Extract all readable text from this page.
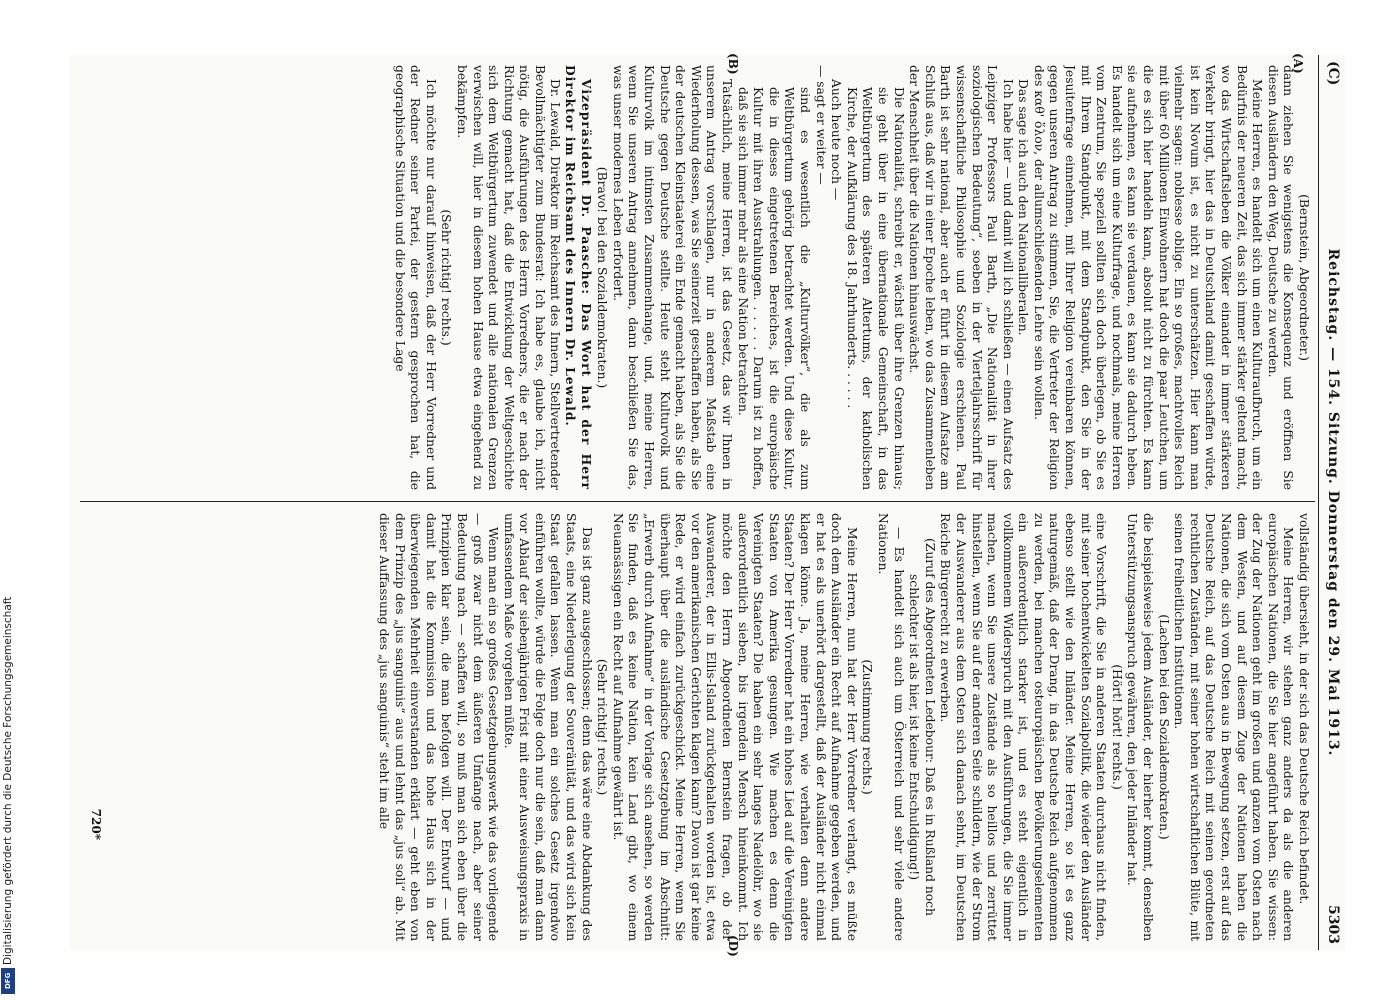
(C)
Reichstag. — 154. Sitzung. Donnerstag den 29. Mai 1913.
5303
(A)
(B)
(D)

(Bernstein, Abgeordneter.)

dann ziehen Sie wenigstens die Konsequenz und eröffnen Sie diesen Ausländern den Weg, Deutsche zu werden.

Meine Herren, es handelt sich um einen Kulturaufbruch, um ein Bedürfnis der neueren Zeit, das sich immer stärker geltend macht, wo das Wirtschaftsleben die Völker einander in immer stärkeren Verkehr bringt, hier das in Deutschland damit geschaffen würde, ist kein Novum ist, es nicht zu unterschätzen. Hier kann man vielmehr sagen: noblesse oblige. Ein so großes, machtvolles Reich mit über 60 Millionen Einwohnern hat doch die paar Leutchen, um die es sich hier handeln kann, absolut nicht zu fürchten. Es kann sie aufnehmen, es kann sie verdauen, es kann sie dadurch heben. Es handelt sich um eine Kulturfrage, und nochmals, meine Herren vom Zentrum, Sie speziell sollten sich doch überlegen, ob Sie es mit Ihrem Standpunkt, mit dem Standpunkt, den Sie in der Jesuitenfrage einnehmen, mit Ihrer Religion vereinbaren können, gegen unseren Antrag zu stimmen, Sie, die Vertreter der Religion des καθ' ὅλον, der allumschließenden Lehre sein wollen.

Das sage ich auch den Nationalliberalen.

Ich habe hier — und damit will ich schließen — einen Aufsatz des Leipziger Professors Paul Barth, „Die Nationalität in ihrer soziologischen Bedeutung“, soeben in der Vierteljahrsschrift für wissenschaftliche Philosophie und Soziologie erschienen. Paul Barth ist sehr national, aber auch er führt in diesem Aufsatze am Schluß aus, daß wir in einer Epoche leben, wo das Zusammenleben der Menschheit über die Nationen hinauswächst.

Die Nationalität, schreibt er, wächst über ihre Grenzen hinaus; sie geht über in eine übernationale Gemeinschaft, in das Weltbürgertum des späteren Altertums, der katholischen Kirche, der Aufklärung des 18. Jahrhunderts. . . . . .

Auch heute noch —

— sagt er weiter —

sind es wesentlich die „Kulturvölker“, die als zum Weltbürgertum gehörig betrachtet werden. Und diese Kultur, die in dieses eingetretenen Bereiches, ist die europäische Kultur mit ihren Ausstrahlungen. . . . . . Darum ist zu hoffen, daß sie sich immer mehr als eine Nation betrachten.

Tatsächlich, meine Herren, ist das Gesetz, das wir Ihnen in unserem Antrag vorschlagen, nur in anderem Maßstab eine Wiederholung dessen, was Sie seinerzeit geschaffen haben, als Sie der deutschen Kleinstaaterei ein Ende gemacht haben, als Sie die Deutsche gegen Deutsche stellte. Heute steht Kulturvolk und Kulturvolk im intimsten Zusammenhange, und, meine Herren, wenn Sie unseren Antrag annehmen, dann beschließen Sie das, was unser modernes Leben erfordert.

(Bravo! bei den Sozialdemokraten.)

Vizepräsident Dr. Paasche: Das Wort hat der Herr Direktor im Reichsamt des Innern Dr. Lewald.

Dr. Lewald, Direktor im Reichsamt des Innern, Stellvertretender Bevollmächtigter zum Bundesrat: Ich habe es, glaube ich, nicht nötig, die Ausführungen des Herrn Vorredners, die er nach der Richtung gemacht hat, daß die Entwicklung der Weltgeschichte sich dem Weltbürgertum zuwendet und alle nationalen Grenzen verwischen will, hier in diesem hohen Hause etwa eingehend zu bekämpfen.

(Sehr richtig! rechts.)

Ich möchte nur darauf hinweisen, daß der Herr Vorredner und der Redner seiner Partei, der gestern gesprochen hat, die geographische Situation und die besondere Lage

vollständig übersieht, in der sich das Deutsche Reich befindet.

Meine Herren, wir stehen ganz anders da als die anderen europäischen Nationen, die Sie hier angeführt haben. Sie wissen: der Zug der Nationen geht im großen und ganzen vom Osten nach dem Westen, und auf diesem Zuge der Nationen haben die Nationen, die sich vom Osten aus in Bewegung setzen, erst auf das Deutsche Reich, auf das Deutsche Reich mit seinen geordneten rechtlichen Zuständen, mit seiner hohen wirtschaftlichen Blüte, mit seinen freiheitlichen Institutionen.

(Lachen bei den Sozialdemokraten.)

die beispielsweise jedem Ausländer, der hierher kommt, denselben Unterstützungsanspruch gewähren, den jeder Inländer hat.

(Hört! hört! rechts.)

eine Vorschrift, die Sie in anderen Staaten durchaus nicht finden, mit seiner hochentwickelten Sozialpolitik, die wieder den Ausländer ebenso stellt wie den Inländer. Meine Herren, so ist es ganz naturgemäß, daß der Drang, in das Deutsche Reich aufgenommen zu werden, bei manchen osteuropäischen Bevölkerungselementen ein außerordentlich starker ist, und es steht eigentlich in vollkommenem Widerspruch mit den Ausführungen, die Sie immer machen, wenn Sie unsere Zustände als so heillos und zerrüttet hinstellen, wenn Sie auf der anderen Seite schildern, wie der Strom der Auswanderer aus dem Osten sich danach sehnt, im Deutschen Reiche Bürgerrecht zu erwerben.

(Zuruf des Abgeordneten Ledebour: Daß es in Rußland noch schlechter ist als hier, ist keine Entschuldigung!)

— Es handelt sich auch um Österreich und sehr viele andere Nationen.

(Zustimmung rechts.)

Meine Herren, nun hat der Herr Vorredner verlangt, es müßte doch dem Ausländer ein Recht auf Aufnahme gegeben werden, und er hat es als unerhört dargestellt, daß der Ausländer nicht einmal klagen könne. Ja, meine Herren, wie verhalten denn andere Staaten? Der Herr Vorredner hat ein hohes Lied auf die Vereinigten Staaten von Amerika gesungen. Wie machen es denn die Vereinigten Staaten? Die haben ein sehr langes Nadelöhr, wo sie außerordentlich sieben, bis irgendein Mensch hineinkommt. Ich möchte den Herrn Abgeordneten Bernstein fragen, ob der Auswanderer, der in Ellis-Island zurückgehalten worden ist, etwa vor den amerikanischen Gerichten klagen kann? Davon ist gar keine Rede, er wird einfach zurückgeschickt. Meine Herren, wenn Sie überhaupt über die ausländische Gesetzgebung im Abschnitt: „Erwerb durch Aufnahme“ in der Vorlage sich ansehen, so werden Sie finden, daß es keine Nation, kein Land gibt, wo einem Neuansässigen ein Recht auf Aufnahme gewährt ist.

(Sehr richtig! rechts.)

Das ist ganz ausgeschlossen; denn das wäre eine Abdankung des Staats, eine Niederlegung der Souveränität, und das wird sich kein Staat gefallen lassen. Wenn man ein solches Gesetz irgendwo einführen wollte, würde die Folge doch nur die sein, daß man dann vor Ablauf der siebenjährigen Frist mit einer Ausweisungspraxis in umfassendem Maße vorgehen müßte.

Wenn man ein so großes Gesetzgebungswerk wie das vorliegende — groß zwar nicht dem äußeren Umfange nach, aber seiner Bedeutung nach — schaffen will, so muß man sich eben über die Prinzipien klar sein, die man befolgen will. Der Entwurf — und damit hat die Kommission und das hohe Haus sich in der überwiegenden Mehrheit einverstanden erklärt — geht eben von dem Prinzip des „jus sanguinis“ aus und lehnt das „jus soli“ ab. Mit dieser Auffassung des „jus sanguinis“ steht im alle

720*
Digitalisierung gefördert durch die Deutsche Forschungsgemeinschaft
DFG
